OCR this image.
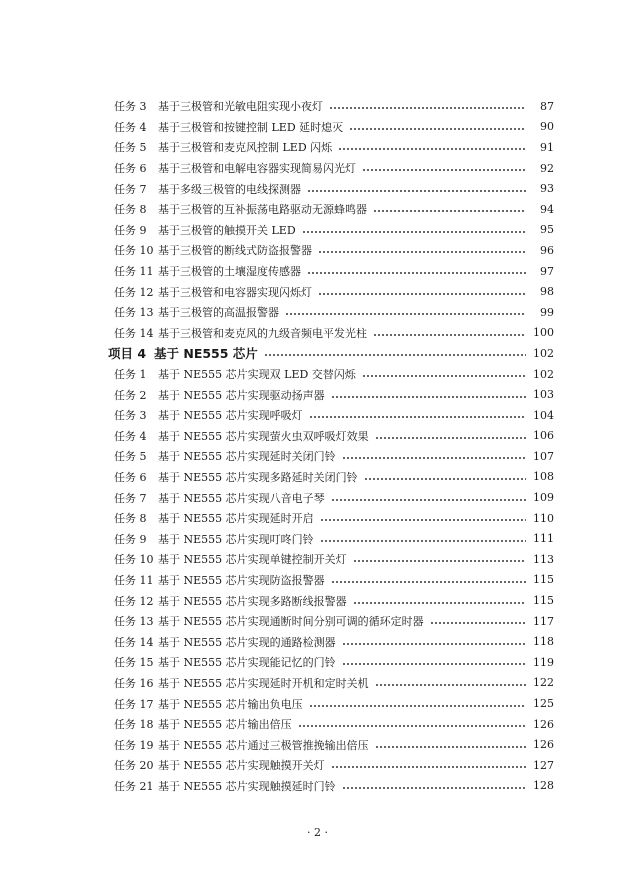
任务 3	基于三极管和光敏电阻实现小夜灯	87
任务 4	基于三极管和按键控制 LED 延时熄灭	90
任务 5	基于三极管和麦克风控制 LED 闪烁	91
任务 6	基于三极管和电解电容器实现简易闪光灯	92
任务 7	基于多级三极管的电线探测器	93
任务 8	基于三极管的互补振荡电路驱动无源蜂鸣器	94
任务 9	基于三极管的触摸开关 LED	95
任务 10 基于三极管的断线式防盗报警器	96
任务 11 基于三极管的土壤湿度传感器	97
任务 12 基于三极管和电容器实现闪烁灯	98
任务 13 基于三极管的高温报警器	99
任务 14 基于三极管和麦克风的九级音频电平发光柱	100
项目 4 基于 NE555 芯片	102
任务 1	基于 NE555 芯片实现双 LED 交替闪烁	102
任务 2	基于 NE555 芯片实现驱动扬声器	103
任务 3	基于 NE555 芯片实现呼吸灯	104
任务 4	基于 NE555 芯片实现萤火虫双呼吸灯效果	106
任务 5	基于 NE555 芯片实现延时关闭门铃	107
任务 6	基于 NE555 芯片实现多路延时关闭门铃	108
任务 7	基于 NE555 芯片实现八音电子琴	109
任务 8	基于 NE555 芯片实现延时开启	110
任务 9	基于 NE555 芯片实现叮咚门铃	111
任务 10 基于 NE555 芯片实现单键控制开关灯	113
任务 11 基于 NE555 芯片实现防盗报警器	115
任务 12 基于 NE555 芯片实现多路断线报警器	115
任务 13 基于 NE555 芯片实现通断时间分别可调的循环定时器	117
任务 14 基于 NE555 芯片实现的通路检测器	118
任务 15 基于 NE555 芯片实现能记忆的门铃	119
任务 16 基于 NE555 芯片实现延时开机和定时关机	122
任务 17 基于 NE555 芯片输出负电压	125
任务 18 基于 NE555 芯片输出倍压	126
任务 19 基于 NE555 芯片通过三极管推挽输出倍压	126
任务 20 基于 NE555 芯片实现触摸开关灯	127
任务 21 基于 NE555 芯片实现触摸延时门铃	128
· 2 ·
